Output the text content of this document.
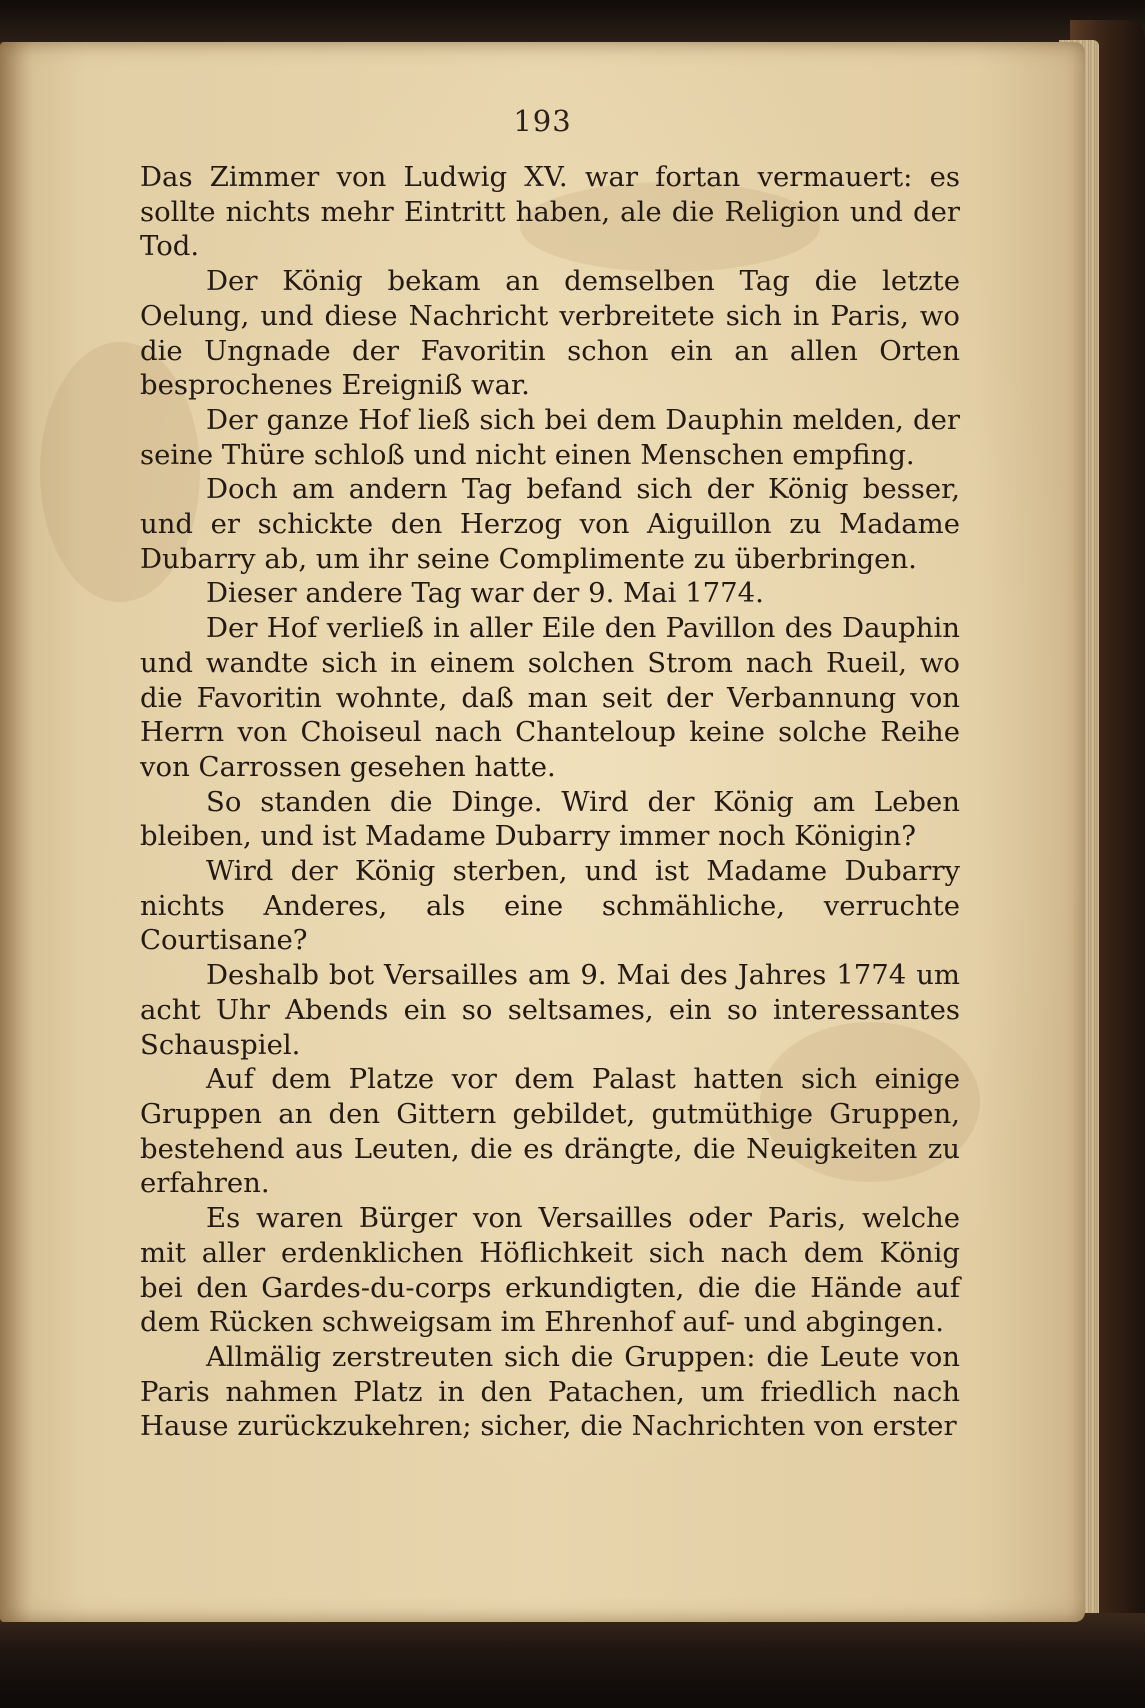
193

Das Zimmer von Ludwig XV. war fortan vermauert: es sollte nichts mehr Eintritt haben, ale die Religion und der Tod.

Der König bekam an demselben Tag die letzte Oelung, und diese Nachricht verbreitete sich in Paris, wo die Ungnade der Favoritin schon ein an allen Orten besprochenes Ereigniß war.

Der ganze Hof ließ sich bei dem Dauphin melden, der seine Thüre schloß und nicht einen Menschen empfing.

Doch am andern Tag befand sich der König besser, und er schickte den Herzog von Aiguillon zu Madame Dubarry ab, um ihr seine Complimente zu überbringen.

Dieser andere Tag war der 9. Mai 1774.

Der Hof verließ in aller Eile den Pavillon des Dauphin und wandte sich in einem solchen Strom nach Rueil, wo die Favoritin wohnte, daß man seit der Verbannung von Herrn von Choiseul nach Chanteloup keine solche Reihe von Carrossen gesehen hatte.

So standen die Dinge. Wird der König am Leben bleiben, und ist Madame Dubarry immer noch Königin?

Wird der König sterben, und ist Madame Dubarry nichts Anderes, als eine schmähliche, verruchte Courtisane?

Deshalb bot Versailles am 9. Mai des Jahres 1774 um acht Uhr Abends ein so seltsames, ein so interessantes Schauspiel.

Auf dem Platze vor dem Palast hatten sich einige Gruppen an den Gittern gebildet, gutmüthige Gruppen, bestehend aus Leuten, die es drängte, die Neuigkeiten zu erfahren.

Es waren Bürger von Versailles oder Paris, welche mit aller erdenklichen Höflichkeit sich nach dem König bei den Gardes-du-corps erkundigten, die die Hände auf dem Rücken schweigsam im Ehrenhof auf- und abgingen.

Allmälig zerstreuten sich die Gruppen: die Leute von Paris nahmen Platz in den Patachen, um friedlich nach Hause zurückzukehren; sicher, die Nachrichten von erster
